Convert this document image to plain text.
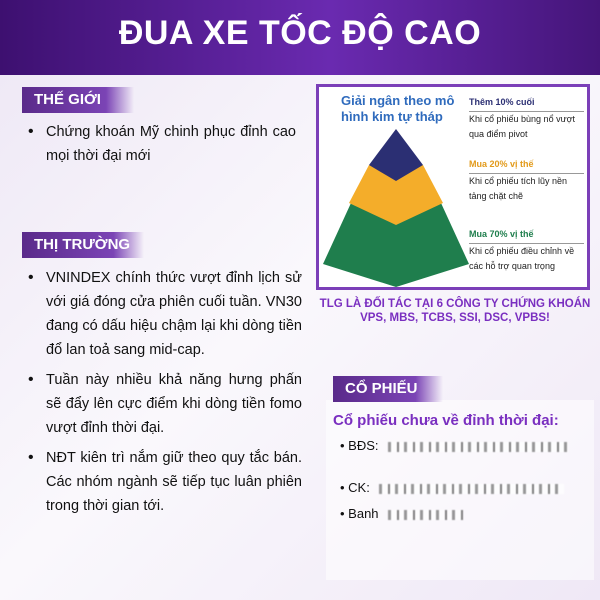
ĐUA XE TỐC ĐỘ CAO
THẾ GIỚI
• Chứng khoán Mỹ chinh phục đỉnh cao mọi thời đại mới
THỊ TRƯỜNG
• VNINDEX chính thức vượt đỉnh lịch sử với giá đóng cửa phiên cuối tuần. VN30 đang có dấu hiệu chậm lại khi dòng tiền đổ lan toả sang mid-cap.
• Tuần này nhiều khả năng hưng phấn sẽ đẩy lên cực điểm khi dòng tiền fomo vượt đỉnh thời đại.
• NĐT kiên trì nắm giữ theo quy tắc bán. Các nhóm ngành sẽ tiếp tục luân phiên trong thời gian tới.
Giải ngân theo mô hình kim tự tháp
Thêm 10% cuối
Khi cổ phiếu bùng nổ vượt qua điểm pivot
Mua 20% vị thế
Khi cổ phiếu tích lũy nền tảng chặt chẽ
Mua 70% vị thế
Khi cổ phiếu điều chỉnh về các hỗ trợ quan trọng
TLG LÀ ĐỐI TÁC TẠI 6 CÔNG TY CHỨNG KHOÁN
VPS, MBS, TCBS, SSI, DSC, VPBS!
CỔ PHIẾU
Cổ phiếu chưa về đỉnh thời đại:
• BĐS:
• CK:
• Banh
